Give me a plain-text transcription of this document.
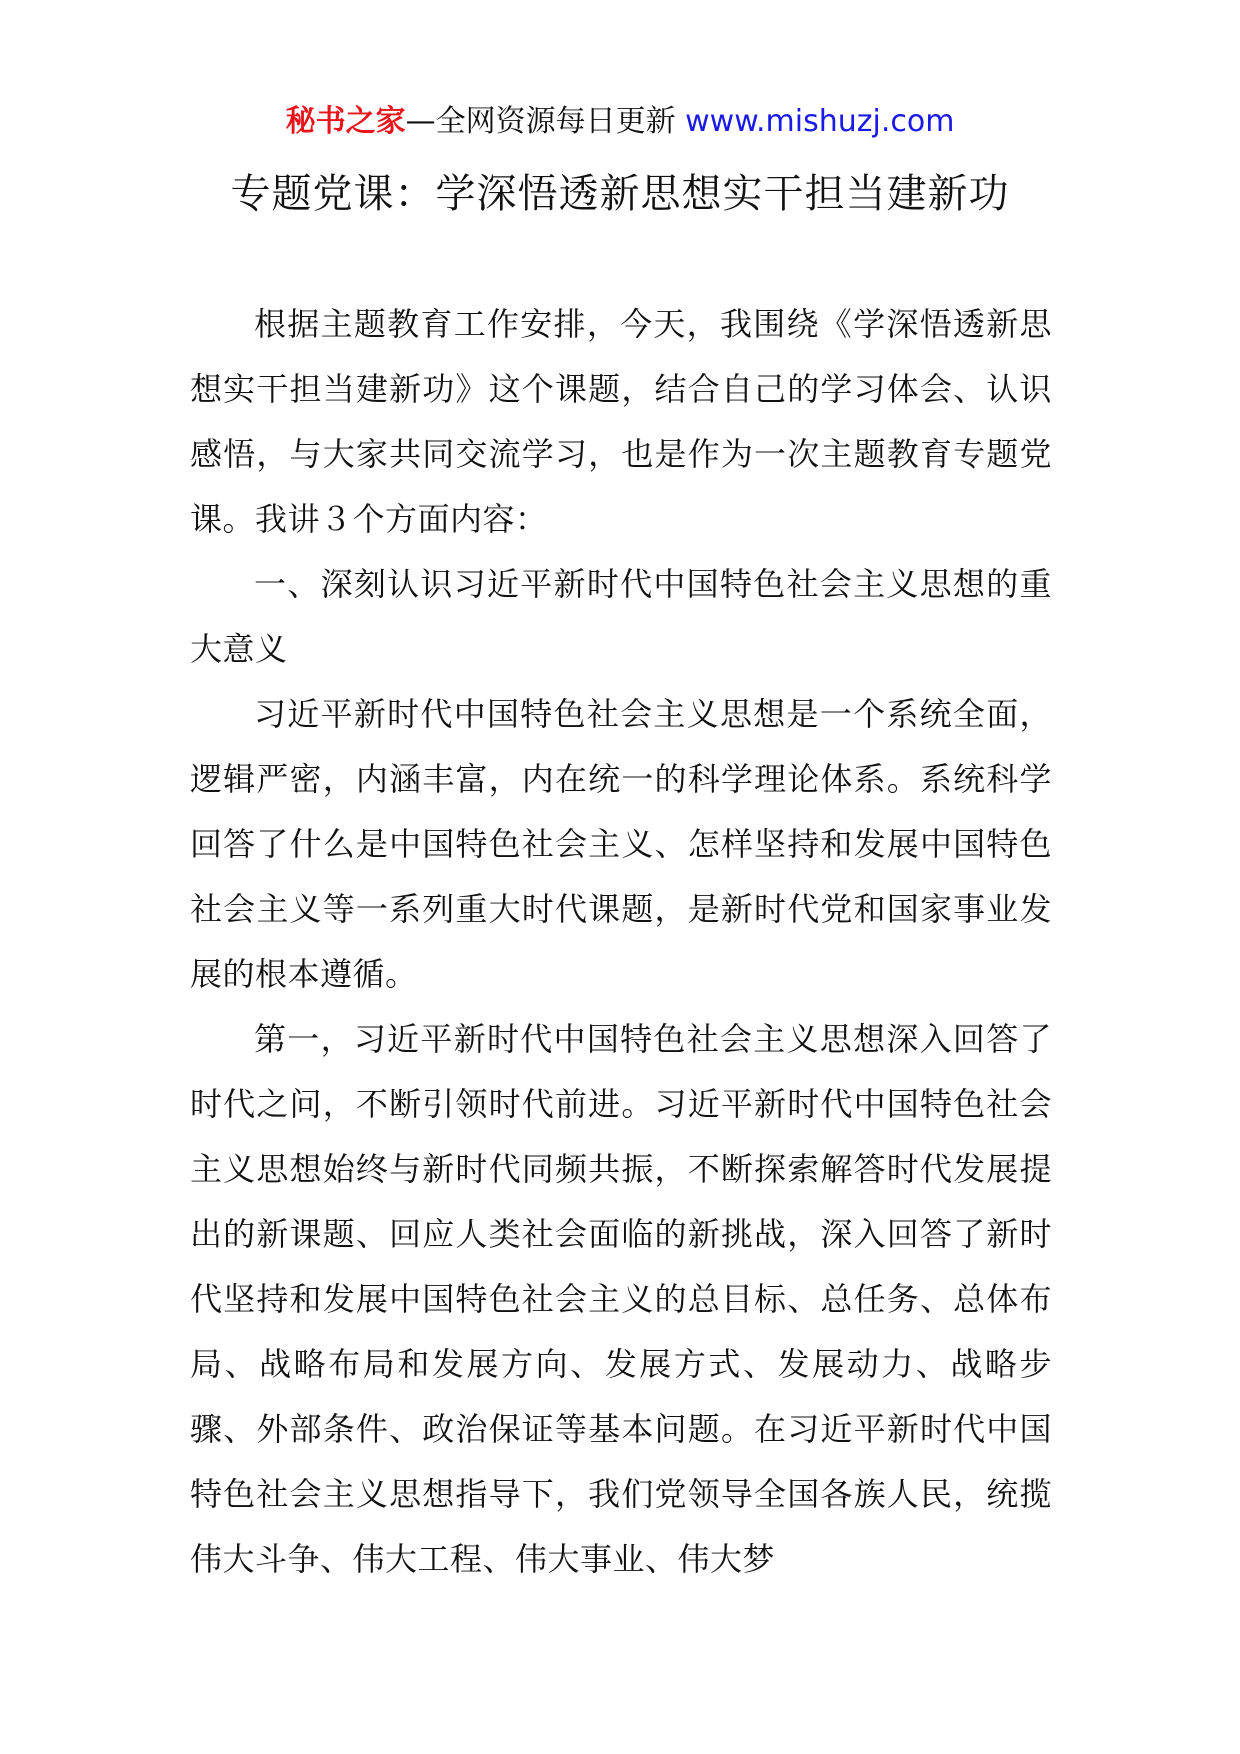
秘书之家—全网资源每日更新 www.mishuzj.com
专题党课：学深悟透新思想实干担当建新功

根据主题教育工作安排，今天，我围绕《学深悟透新思想实干担当建新功》这个课题，结合自己的学习体会、认识感悟，与大家共同交流学习，也是作为一次主题教育专题党课。我讲３个方面内容：

一、深刻认识习近平新时代中国特色社会主义思想的重大意义

习近平新时代中国特色社会主义思想是一个系统全面，逻辑严密，内涵丰富，内在统一的科学理论体系。系统科学回答了什么是中国特色社会主义、怎样坚持和发展中国特色社会主义等一系列重大时代课题，是新时代党和国家事业发展的根本遵循。

第一，习近平新时代中国特色社会主义思想深入回答了时代之问，不断引领时代前进。习近平新时代中国特色社会主义思想始终与新时代同频共振，不断探索解答时代发展提出的新课题、回应人类社会面临的新挑战，深入回答了新时代坚持和发展中国特色社会主义的总目标、总任务、总体布局、战略布局和发展方向、发展方式、发展动力、战略步骤、外部条件、政治保证等基本问题。在习近平新时代中国特色社会主义思想指导下，我们党领导全国各族人民，统揽伟大斗争、伟大工程、伟大事业、伟大梦
